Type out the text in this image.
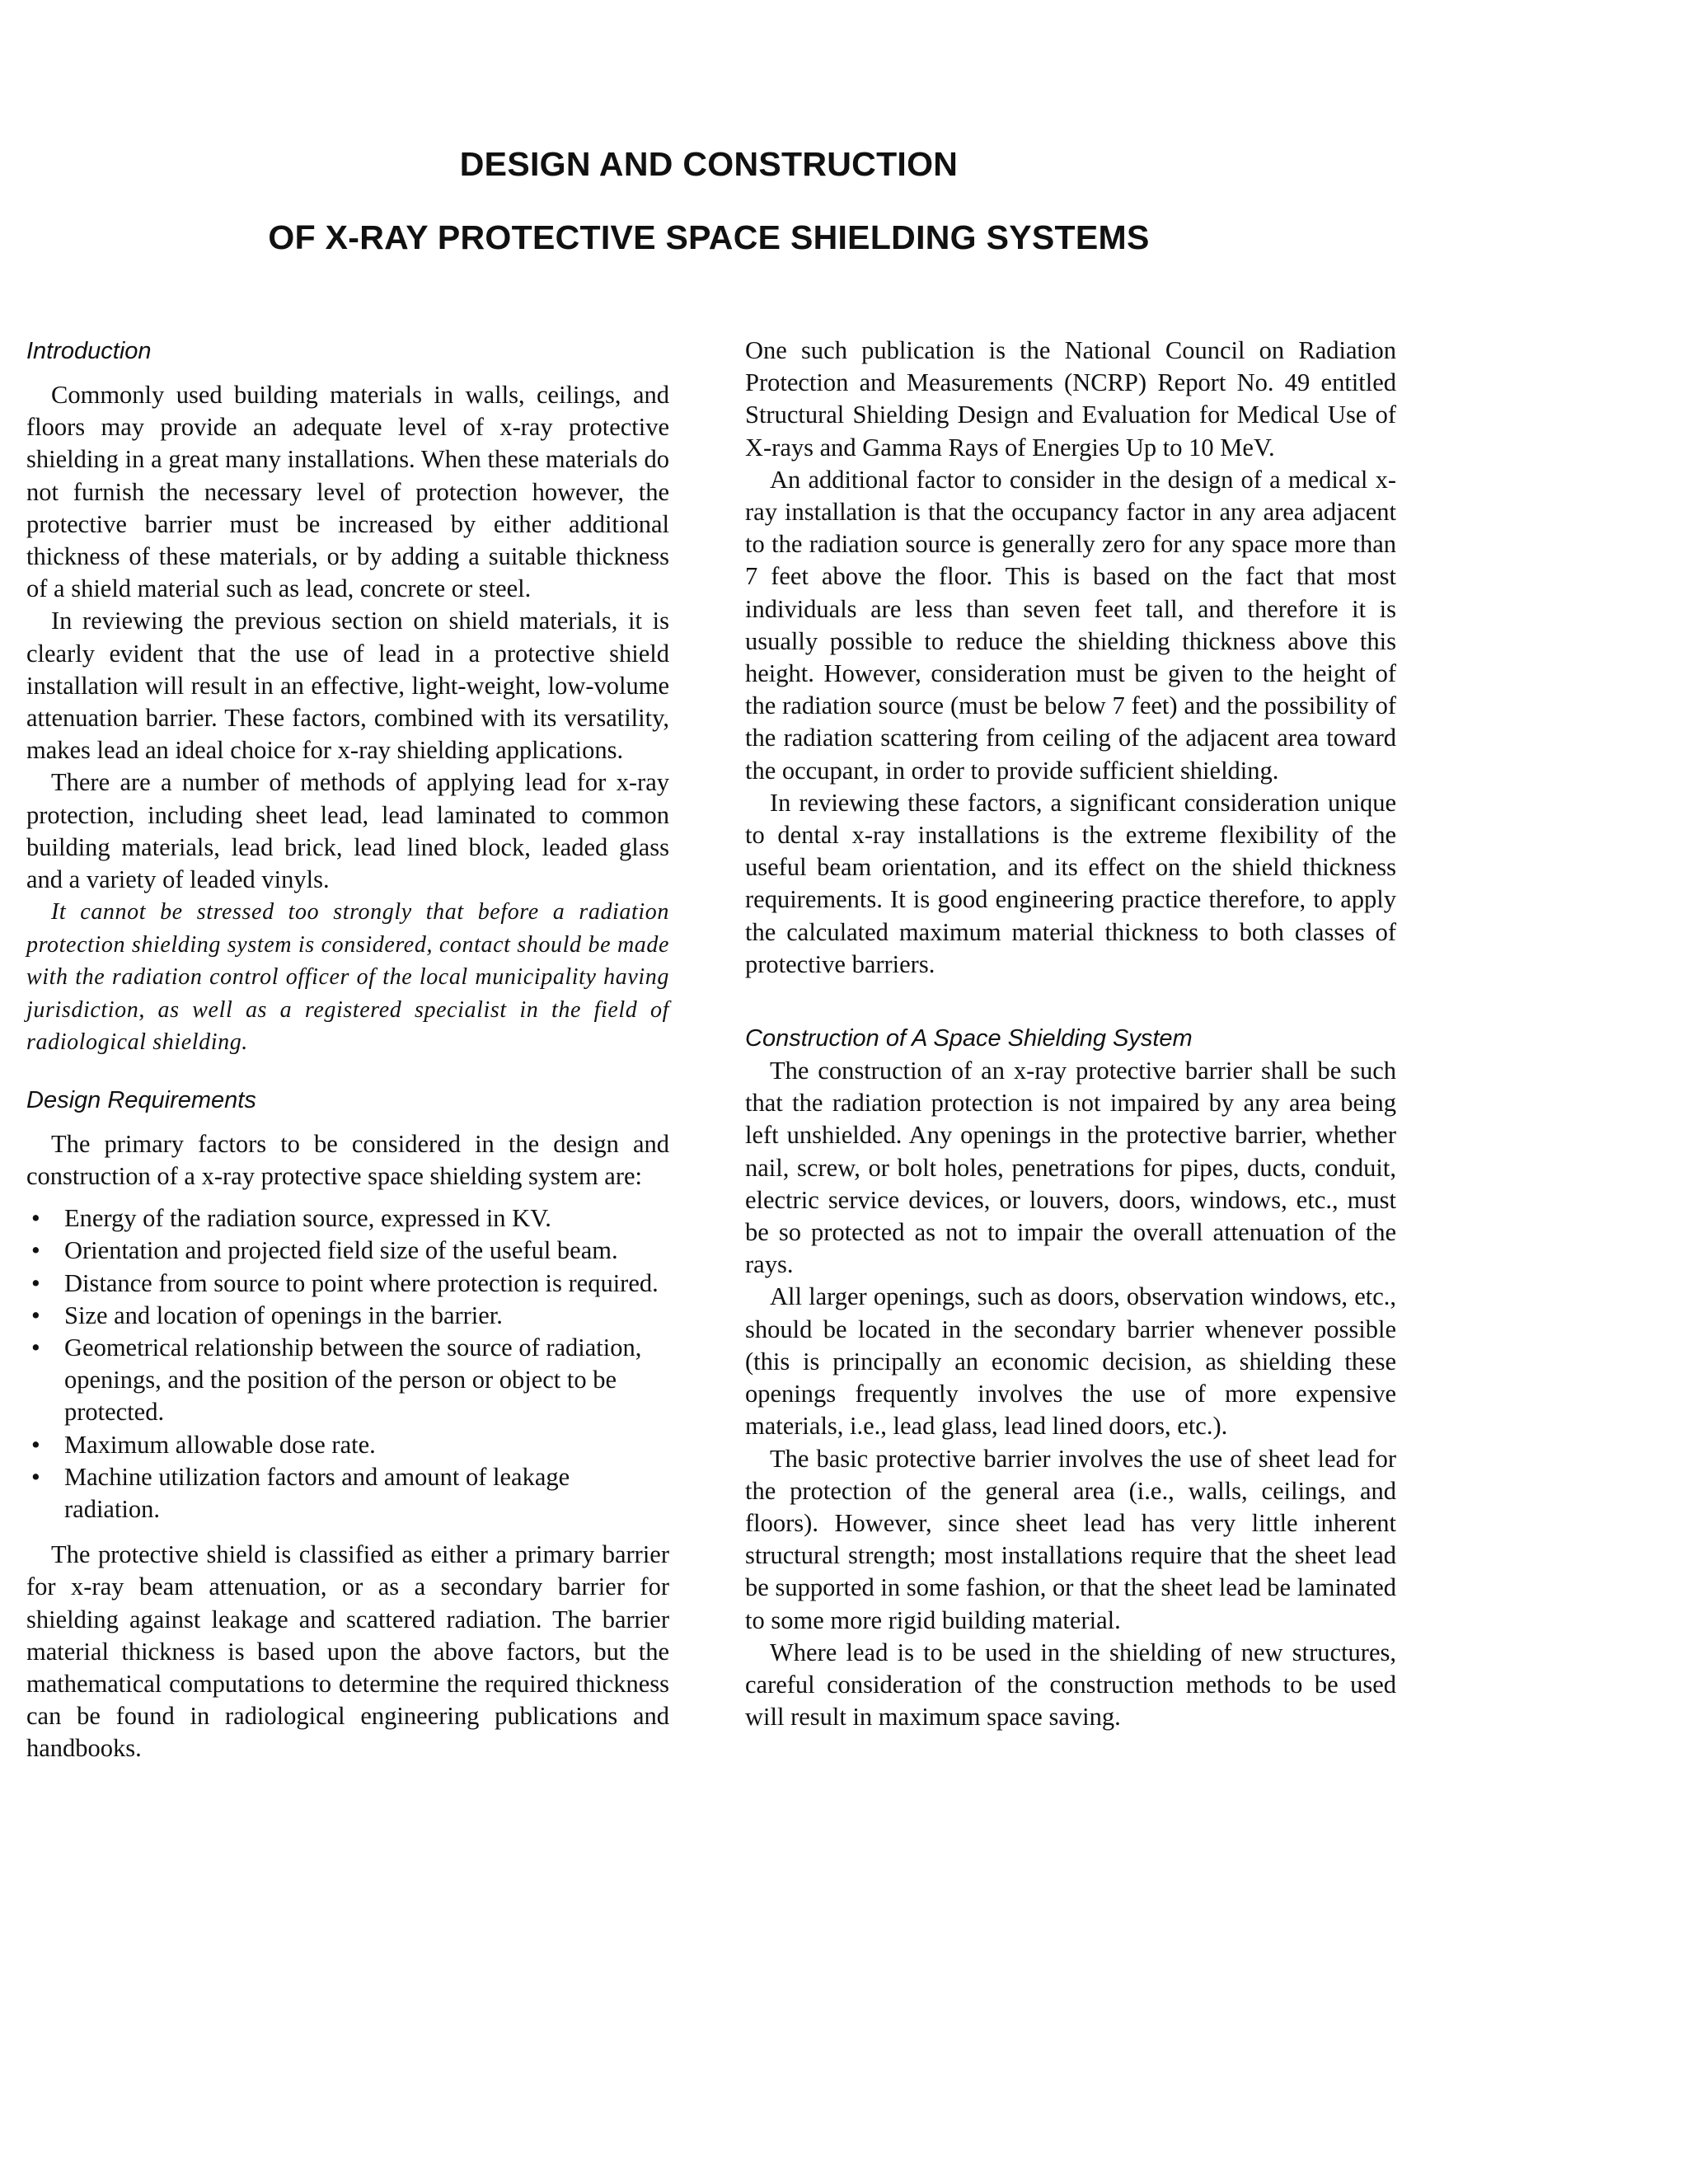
DESIGN AND CONSTRUCTION
OF X-RAY PROTECTIVE SPACE SHIELDING SYSTEMS

Introduction

Commonly used building materials in walls, ceilings, and floors may provide an adequate level of x-ray protective shielding in a great many installations. When these materials do not furnish the necessary level of protection however, the protective barrier must be increased by either additional thickness of these materials, or by adding a suitable thickness of a shield material such as lead, concrete or steel.

In reviewing the previous section on shield materials, it is clearly evident that the use of lead in a protective shield installation will result in an effective, light-weight, low-volume attenuation barrier. These factors, combined with its versatility, makes lead an ideal choice for x-ray shielding applications.

There are a number of methods of applying lead for x-ray protection, including sheet lead, lead laminated to common building materials, lead brick, lead lined block, leaded glass and a variety of leaded vinyls.

It cannot be stressed too strongly that before a radiation protection shielding system is considered, contact should be made with the radiation control officer of the local municipality having jurisdiction, as well as a registered specialist in the field of radiological shielding.

Design Requirements

The primary factors to be considered in the design and construction of a x-ray protective space shielding system are:

• Energy of the radiation source, expressed in KV.
• Orientation and projected field size of the useful beam.
• Distance from source to point where protection is required.
• Size and location of openings in the barrier.
• Geometrical relationship between the source of radiation, openings, and the position of the person or object to be protected.
• Maximum allowable dose rate.
• Machine utilization factors and amount of leakage radiation.

The protective shield is classified as either a primary barrier for x-ray beam attenuation, or as a secondary barrier for shielding against leakage and scattered radiation. The barrier material thickness is based upon the above factors, but the mathematical computations to determine the required thickness can be found in radiological engineering publications and handbooks.

One such publication is the National Council on Radiation Protection and Measurements (NCRP) Report No. 49 entitled Structural Shielding Design and Evaluation for Medical Use of X-rays and Gamma Rays of Energies Up to 10 MeV.

An additional factor to consider in the design of a medical x-ray installation is that the occupancy factor in any area adjacent to the radiation source is generally zero for any space more than 7 feet above the floor. This is based on the fact that most individuals are less than seven feet tall, and therefore it is usually possible to reduce the shielding thickness above this height. However, consideration must be given to the height of the radiation source (must be below 7 feet) and the possibility of the radiation scattering from ceiling of the adjacent area toward the occupant, in order to provide sufficient shielding.

In reviewing these factors, a significant consideration unique to dental x-ray installations is the extreme flexibility of the useful beam orientation, and its effect on the shield thickness requirements. It is good engineering practice therefore, to apply the calculated maximum material thickness to both classes of protective barriers.

Construction of A Space Shielding System

The construction of an x-ray protective barrier shall be such that the radiation protection is not impaired by any area being left unshielded. Any openings in the protective barrier, whether nail, screw, or bolt holes, penetrations for pipes, ducts, conduit, electric service devices, or louvers, doors, windows, etc., must be so protected as not to impair the overall attenuation of the rays.

All larger openings, such as doors, observation windows, etc., should be located in the secondary barrier whenever possible (this is principally an economic decision, as shielding these openings frequently involves the use of more expensive materials, i.e., lead glass, lead lined doors, etc.).

The basic protective barrier involves the use of sheet lead for the protection of the general area (i.e., walls, ceilings, and floors). However, since sheet lead has very little inherent structural strength; most installations require that the sheet lead be supported in some fashion, or that the sheet lead be laminated to some more rigid building material.

Where lead is to be used in the shielding of new structures, careful consideration of the construction methods to be used will result in maximum space saving.
